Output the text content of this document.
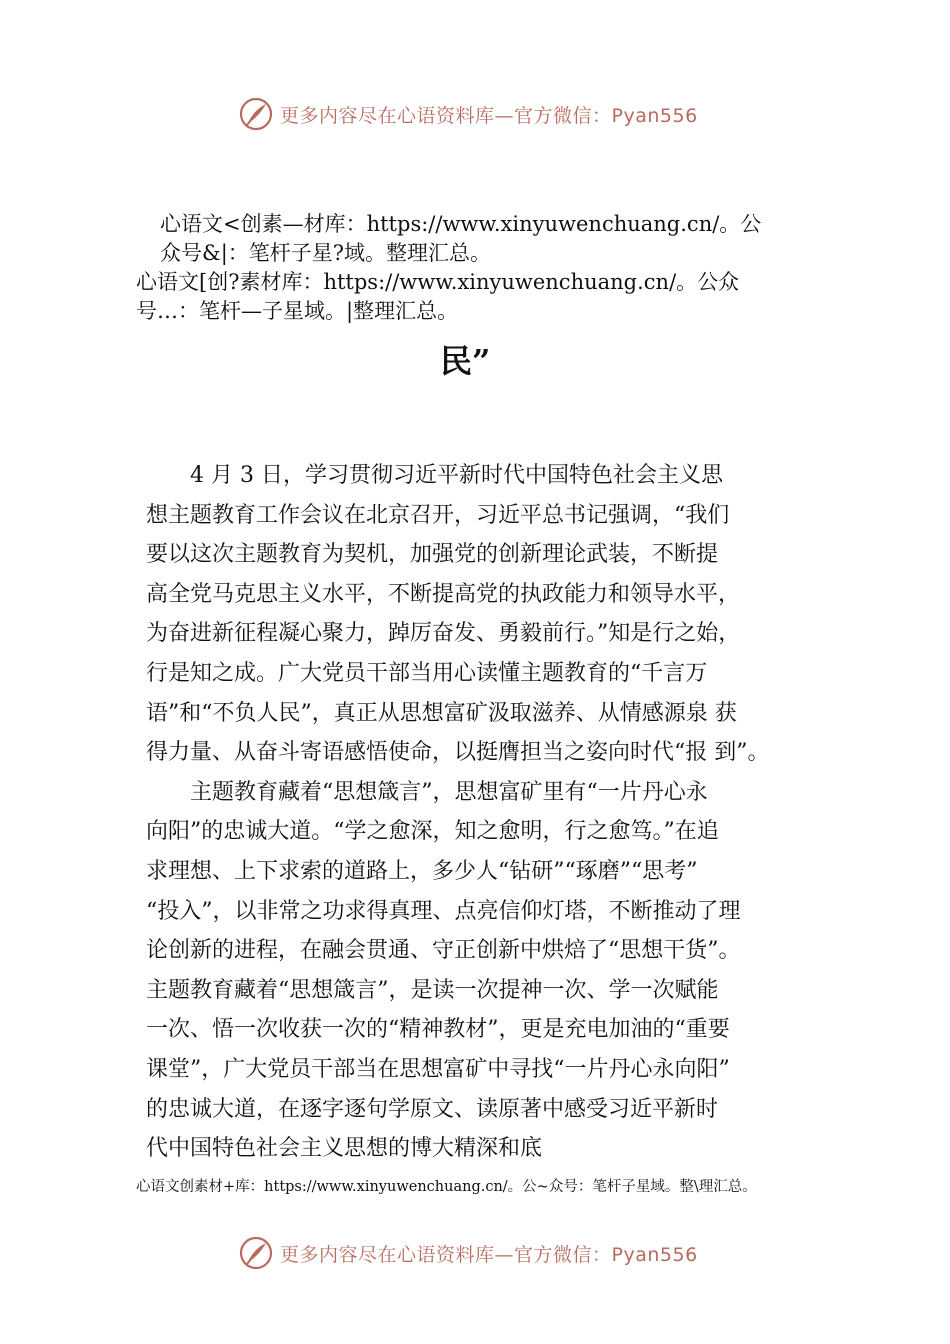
更多内容尽在心语资料库—官方微信：Pyan556
心语文<创素—材库：https://www.xinyuwenchuang.cn/。公
众号&|：笔杆子星?域。整理汇总。
心语文[创?素材库：https://www.xinyuwenchuang.cn/。公众
号…：笔杆—子星域。|整理汇总。
民”
　　4 月 3 日，学习贯彻习近平新时代中国特色社会主义思
想主题教育工作会议在北京召开，习近平总书记强调，“我们
要以这次主题教育为契机，加强党的创新理论武装，不断提
高全党马克思主义水平，不断提高党的执政能力和领导水平，
为奋进新征程凝心聚力，踔厉奋发、勇毅前行。”知是行之始，
行是知之成。广大党员干部当用心读懂主题教育的“千言万
语”和“不负人民”，真正从思想富矿汲取滋养、从情感源泉 获
得力量、从奋斗寄语感悟使命，以挺膺担当之姿向时代“报 到”。
　　主题教育藏着“思想箴言”，思想富矿里有“一片丹心永
向阳”的忠诚大道。“学之愈深，知之愈明，行之愈笃。”在追
求理想、上下求索的道路上，多少人“钻研”“琢磨”“思考”
“投入”，以非常之功求得真理、点亮信仰灯塔，不断推动了理
论创新的进程，在融会贯通、守正创新中烘焙了“思想干货”。
主题教育藏着“思想箴言”，是读一次提神一次、学一次赋能
一次、悟一次收获一次的“精神教材”，更是充电加油的“重要
课堂”，广大党员干部当在思想富矿中寻找“一片丹心永向阳”
的忠诚大道，在逐字逐句学原文、读原著中感受习近平新时
代中国特色社会主义思想的博大精深和底
心语文创素材+库：https://www.xinyuwenchuang.cn/。公~众号：笔杆子星域。整\理汇总。
更多内容尽在心语资料库—官方微信：Pyan556
